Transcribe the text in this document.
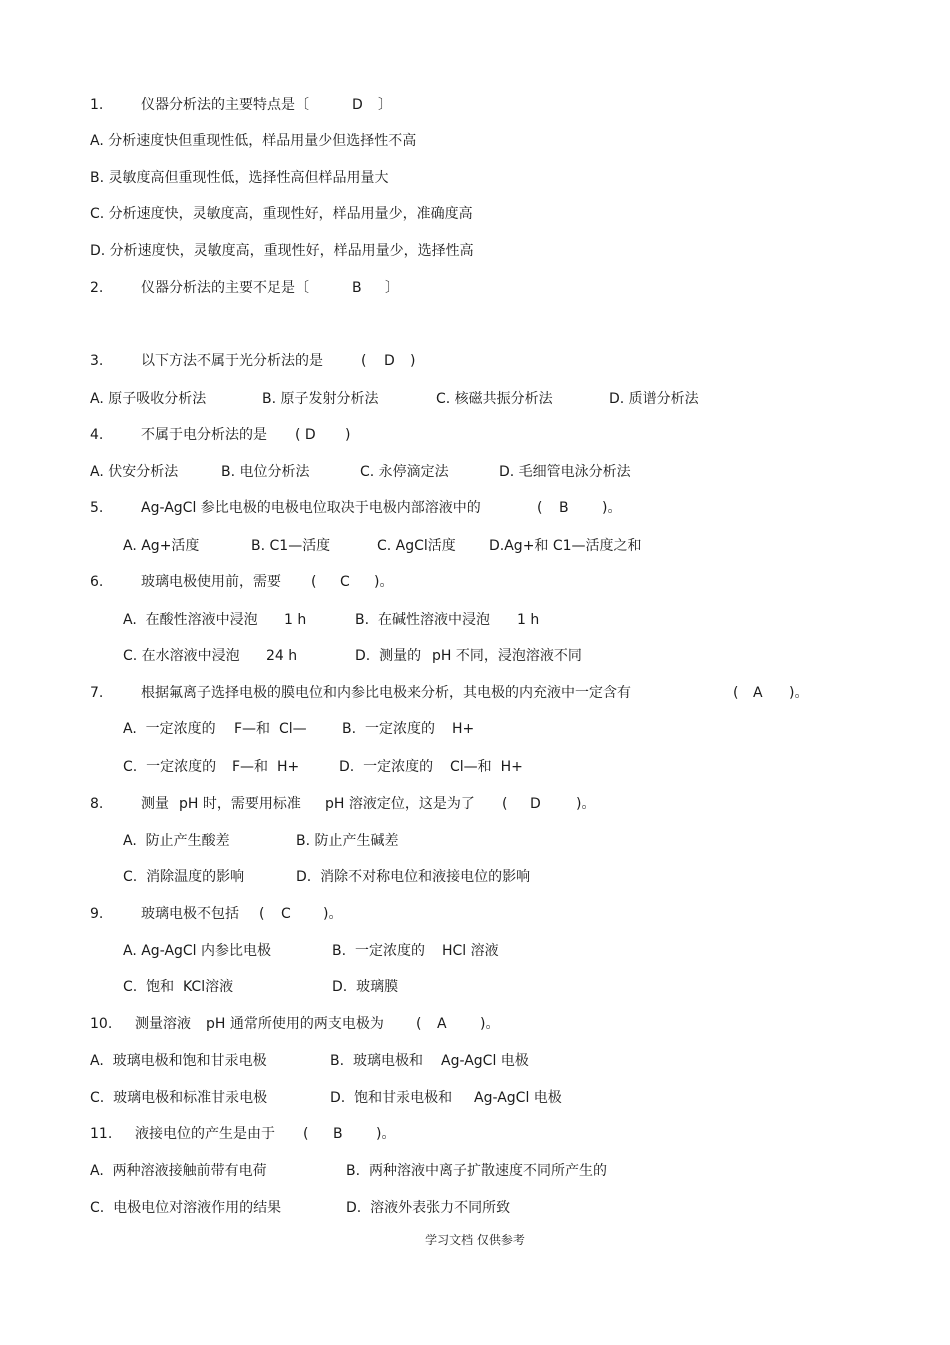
1.

	仪器分析法的主要特点是〔

	D

〕

A. 分析速度快但重现性低，样品用量少但选择性不高
B. 灵敏度高但重现性低，选择性高但样品用量大
C. 分析速度快，灵敏度高，重现性好，样品用量少，准确度高
D. 分析速度快，灵敏度高，重现性好，样品用量少，选择性高

2.

	仪器分析法的主要不足是〔

	B

〕

3.

	以下方法不属于光分析法的是

	(

D

)

A. 原子吸收分析法

	B. 原子发射分析法

	C. 核磁共振分析法

	D. 质谱分析法

4.

	不属于电分析法的是

( D

)

A. 伏安分析法

	B. 电位分析法

	C. 永停滴定法

	D. 毛细管电泳分析法

5.

	Ag-AgCl 参比电极的电极电位取决于电极内部溶液中的

	(

B

)。

A. Ag+活度

	B. C1—活度

	C. AgCl活度

D.Ag+和 C1—活度之和

6.

	玻璃电极使用前，需要

(

C

)。

A.  在酸性溶液中浸泡

1 h

	B.  在碱性溶液中浸泡

1 h

C. 在水溶液中浸泡

24 h

	D.  测量的

pH 不同，浸泡溶液不同

7.

	根据氟离子选择电极的膜电位和内参比电极来分析，其电极的内充液中一定含有

	(

A

)。

A.  一定浓度的

F—和  Cl—

	B.  一定浓度的

H+

C.  一定浓度的

F—和  H+

	D.  一定浓度的

Cl—和  H+

8.

	测量

pH 时，需要用标准

pH 溶液定位，这是为了

(

D

	)。

A.  防止产生酸差

	B. 防止产生碱差

C.  消除温度的影响

	D.  消除不对称电位和液接电位的影响

9.

	玻璃电极不包括

(

C

)。

A. Ag-AgCl 内参比电极

	B.  一定浓度的

HCl 溶液

C.  饱和

KCl溶液

	D.  玻璃膜

10.

测量溶液

pH 通常所使用的两支电极为

(

A

)。

A.  玻璃电极和饱和甘汞电极

	B.  玻璃电极和

Ag-AgCl 电极

C.  玻璃电极和标准甘汞电极

	D.  饱和甘汞电极和

Ag-AgCl 电极

11.

液接电位的产生是由于

(

B

)。

A.  两种溶液接触前带有电荷

	B.  两种溶液中离子扩散速度不同所产生的

C.  电极电位对溶液作用的结果

	D.  溶液外表张力不同所致

学习文档 仅供参考
